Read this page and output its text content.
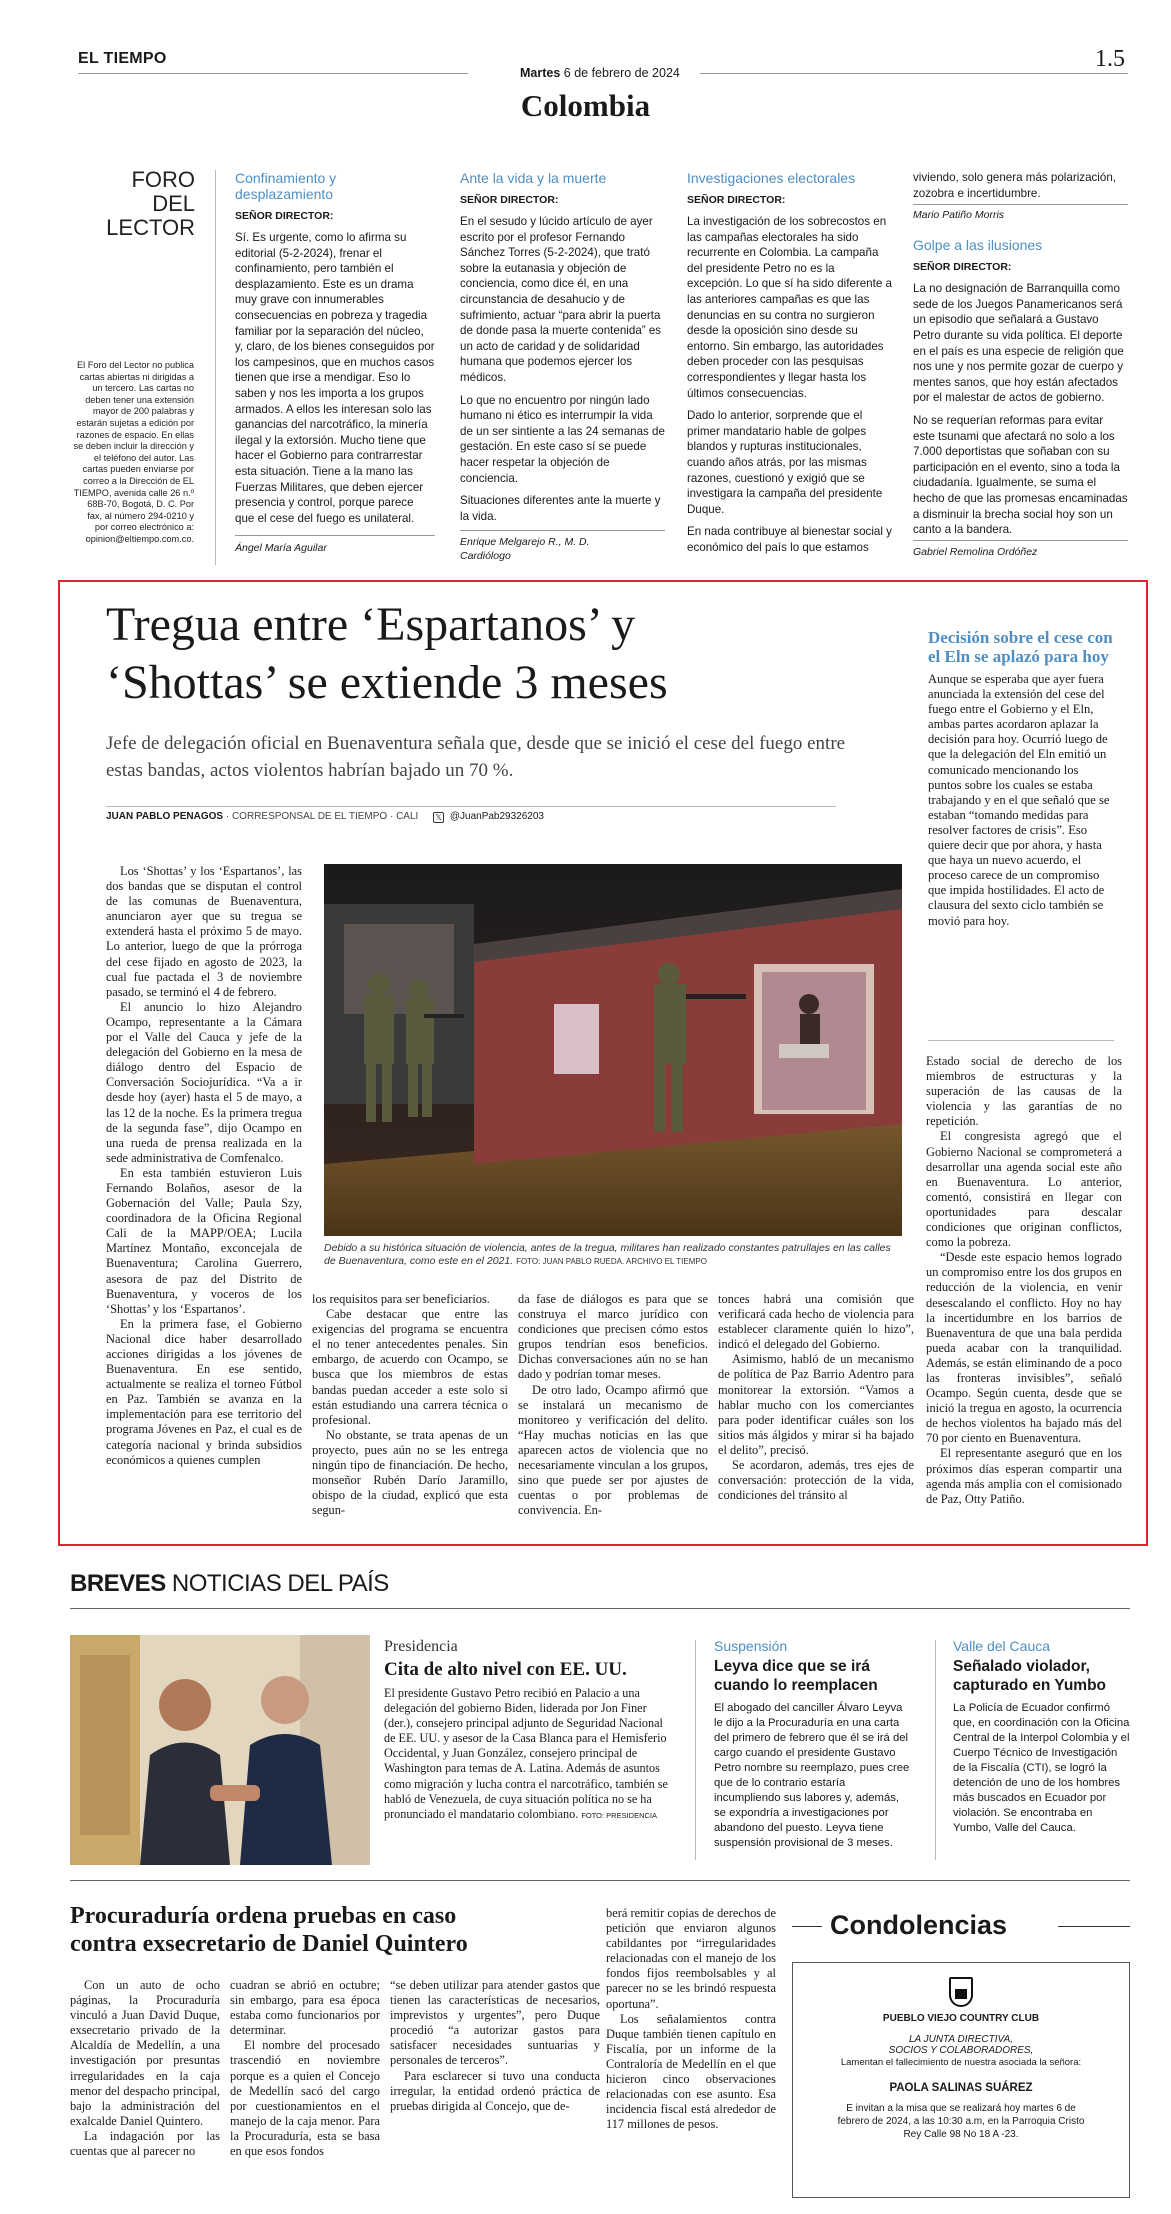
EL TIEMPO
Martes 6 de febrero de 2024
1.5
Colombia
FORO DEL
LECTOR
El Foro del Lector no publica cartas abiertas ni dirigidas a un tercero. Las cartas no deben tener una extensión mayor de 200 palabras y estarán sujetas a edición por razones de espacio. En ellas se deben incluir la dirección y el teléfono del autor. Las cartas pueden enviarse por correo a la Dirección de EL TIEMPO, avenida calle 26 n.º 68B-70, Bogotá, D. C. Por fax, al número 294-0210 y por correo electrónico a: opinion@eltiempo.com.co.
Confinamiento y desplazamiento
SEÑOR DIRECTOR:

Sí. Es urgente, como lo afirma su editorial (5-2-2024), frenar el confinamiento, pero también el desplazamiento. Este es un drama muy grave con innumerables consecuencias en pobreza y tragedia familiar por la separación del núcleo, y, claro, de los bienes conseguidos por los campesinos, que en muchos casos tienen que irse a mendigar. Eso lo saben y nos les importa a los grupos armados. A ellos les interesan solo las ganancias del narcotráfico, la minería ilegal y la extorsión. Mucho tiene que hacer el Gobierno para contrarrestar esta situación. Tiene a la mano las Fuerzas Militares, que deben ejercer presencia y control, porque parece que el cese del fuego es unilateral.

Ángel María Aguilar
Ante la vida y la muerte
SEÑOR DIRECTOR:

En el sesudo y lúcido artículo de ayer escrito por el profesor Fernando Sánchez Torres (5-2-2024), que trató sobre la eutanasia y objeción de conciencia, como dice él, en una circunstancia de desahucio y de sufrimiento, actuar “para abrir la puerta de donde pasa la muerte contenida” es un acto de caridad y de solidaridad humana que podemos ejercer los médicos.

Lo que no encuentro por ningún lado humano ni ético es interrumpir la vida de un ser sintiente a las 24 semanas de gestación. En este caso sí se puede hacer respetar la objeción de conciencia.

Situaciones diferentes ante la muerte y la vida.

Enrique Melgarejo R., M. D.
Cardiólogo
Investigaciones electorales
SEÑOR DIRECTOR:

La investigación de los sobrecostos en las campañas electorales ha sido recurrente en Colombia. La campaña del presidente Petro no es la excepción. Lo que sí ha sido diferente a las anteriores campañas es que las denuncias en su contra no surgieron desde la oposición sino desde su entorno. Sin embargo, las autoridades deben proceder con las pesquisas correspondientes y llegar hasta los últimos consecuencias.

Dado lo anterior, sorprende que el primer mandatario hable de golpes blandos y rupturas institucionales, cuando años atrás, por las mismas razones, cuestionó y exigió que se investigara la campaña del presidente Duque.

En nada contribuye al bienestar social y económico del país lo que estamos

viviendo, solo genera más polarización, zozobra e incertidumbre.
Mario Patiño Morris
Golpe a las ilusiones
SEÑOR DIRECTOR:

La no designación de Barranquilla como sede de los Juegos Panamericanos será un episodio que señalará a Gustavo Petro durante su vida política. El deporte en el país es una especie de religión que nos une y nos permite gozar de cuerpo y mentes sanos, que hoy están afectados por el malestar de actos de gobierno.

No se requerían reformas para evitar este tsunami que afectará no solo a los 7.000 deportistas que soñaban con su participación en el evento, sino a toda la ciudadanía. Igualmente, se suma el hecho de que las promesas encaminadas a disminuir la brecha social hoy son un canto a la bandera.

Gabriel Remolina Ordóñez
Tregua entre ‘Espartanos’ y
‘Shottas’ se extiende 3 meses
Jefe de delegación oficial en Buenaventura señala que, desde que se inició el cese del fuego entre estas bandas, actos violentos habrían bajado un 70 %.
JUAN PABLO PENAGOS · CORRESPONSAL DE EL TIEMPO · CALI 𝕏 @JuanPab29326203
Debido a su histórica situación de violencia, antes de la tregua, militares han realizado constantes patrullajes en las calles de Buenaventura, como este en el 2021. FOTO: JUAN PABLO RUEDA. ARCHIVO EL TIEMPO

Los ‘Shottas’ y los ‘Espartanos’, las dos bandas que se disputan el control de las comunas de Buenaventura, anunciaron ayer que su tregua se extenderá hasta el próximo 5 de mayo. Lo anterior, luego de que la prórroga del cese fijado en agosto de 2023, la cual fue pactada el 3 de noviembre pasado, se terminó el 4 de febrero.

El anuncio lo hizo Alejandro Ocampo, representante a la Cámara por el Valle del Cauca y jefe de la delegación del Gobierno en la mesa de diálogo dentro del Espacio de Conversación Sociojurídica. “Va a ir desde hoy (ayer) hasta el 5 de mayo, a las 12 de la noche. Es la primera tregua de la segunda fase”, dijo Ocampo en una rueda de prensa realizada en la sede administrativa de Comfenalco.

En esta también estuvieron Luis Fernando Bolaños, asesor de la Gobernación del Valle; Paula Szy, coordinadora de la Oficina Regional Cali de la MAPP/OEA; Lucila Martínez Montaño, exconcejala de Buenaventura; Carolina Guerrero, asesora de paz del Distrito de Buenaventura, y voceros de los ‘Shottas’ y los ‘Espartanos’.

En la primera fase, el Gobierno Nacional dice haber desarrollado acciones dirigidas a los jóvenes de Buenaventura. En ese sentido, actualmente se realiza el torneo Fútbol en Paz. También se avanza en la implementación para ese territorio del programa Jóvenes en Paz, el cual es de categoría nacional y brinda subsidios económicos a quienes cumplen

los requisitos para ser beneficiarios.

Cabe destacar que entre las exigencias del programa se encuentra el no tener antecedentes penales. Sin embargo, de acuerdo con Ocampo, se busca que los miembros de estas bandas puedan acceder a este solo si están estudiando una carrera técnica o profesional.

No obstante, se trata apenas de un proyecto, pues aún no se les entrega ningún tipo de financiación. De hecho, monseñor Rubén Darío Jaramillo, obispo de la ciudad, explicó que esta segun-

da fase de diálogos es para que se construya el marco jurídico con condiciones que precisen cómo estos grupos tendrían esos beneficios. Dichas conversaciones aún no se han dado y podrían tomar meses.

De otro lado, Ocampo afirmó que se instalará un mecanismo de monitoreo y verificación del delito. “Hay muchas noticias en las que aparecen actos de violencia que no necesariamente vinculan a los grupos, sino que puede ser por ajustes de cuentas o por problemas de convivencia. En-

tonces habrá una comisión que verificará cada hecho de violencia para establecer claramente quién lo hizo”, indicó el delegado del Gobierno.

Asimismo, habló de un mecanismo de política de Paz Barrio Adentro para monitorear la extorsión. “Vamos a hablar mucho con los comerciantes para poder identificar cuáles son los sitios más álgidos y mirar si ha bajado el delito”, precisó.

Se acordaron, además, tres ejes de conversación: protección de la vida, condiciones del tránsito al

Decisión sobre el cese con el Eln se aplazó para hoy
Aunque se esperaba que ayer fuera anunciada la extensión del cese del fuego entre el Gobierno y el Eln, ambas partes acordaron aplazar la decisión para hoy. Ocurrió luego de que la delegación del Eln emitió un comunicado mencionando los puntos sobre los cuales se estaba trabajando y en el que señaló que se estaban “tomando medidas para resolver factores de crisis”. Eso quiere decir que por ahora, y hasta que haya un nuevo acuerdo, el proceso carece de un compromiso que impida hostilidades. El acto de clausura del sexto ciclo también se movió para hoy.

Estado social de derecho de los miembros de estructuras y la superación de las causas de la violencia y las garantías de no repetición.

El congresista agregó que el Gobierno Nacional se comprometerá a desarrollar una agenda social este año en Buenaventura. Lo anterior, comentó, consistirá en llegar con oportunidades para descalar condiciones que originan conflictos, como la pobreza.

“Desde este espacio hemos logrado un compromiso entre los dos grupos en reducción de la violencia, en venir desescalando el conflicto. Hoy no hay la incertidumbre en los barrios de Buenaventura de que una bala perdida pueda acabar con la tranquilidad. Además, se están eliminando de a poco las fronteras invisibles”, señaló Ocampo. Según cuenta, desde que se inició la tregua en agosto, la ocurrencia de hechos violentos ha bajado más del 70 por ciento en Buenaventura.

El representante aseguró que en los próximos días esperan compartir una agenda más amplia con el comisionado de Paz, Otty Patiño.

BREVES NOTICIAS DEL PAÍS
Presidencia
Cita de alto nivel con EE. UU.
El presidente Gustavo Petro recibió en Palacio a una delegación del gobierno Biden, liderada por Jon Finer (der.), consejero principal adjunto de Seguridad Nacional de EE. UU. y asesor de la Casa Blanca para el Hemisferio Occidental, y Juan González, consejero principal de Washington para temas de A. Latina. Además de asuntos como migración y lucha contra el narcotráfico, también se habló de Venezuela, de cuya situación política no se ha pronunciado el mandatario colombiano. FOTO: PRESIDENCIA
Suspensión
Leyva dice que se irá cuando lo reemplacen
El abogado del canciller Álvaro Leyva le dijo a la Procuraduría en una carta del primero de febrero que él se irá del cargo cuando el presidente Gustavo Petro nombre su reemplazo, pues cree que de lo contrario estaría incumpliendo sus labores y, además, se expondría a investigaciones por abandono del puesto. Leyva tiene suspensión provisional de 3 meses.
Valle del Cauca
Señalado violador, capturado en Yumbo
La Policía de Ecuador confirmó que, en coordinación con la Oficina Central de la Interpol Colombia y el Cuerpo Técnico de Investigación de la Fiscalía (CTI), se logró la detención de uno de los hombres más buscados en Ecuador por violación. Se encontraba en Yumbo, Valle del Cauca.
Procuraduría ordena pruebas en caso
contra exsecretario de Daniel Quintero

Con un auto de ocho páginas, la Procuraduría vinculó a Juan David Duque, exsecretario privado de la Alcaldía de Medellín, a una investigación por presuntas irregularidades en la caja menor del despacho principal, bajo la administración del exalcalde Daniel Quintero.

La indagación por las cuentas que al parecer no

cuadran se abrió en octubre; sin embargo, para esa época estaba como funcionarios por determinar.

El nombre del procesado trascendió en noviembre porque es a quien el Concejo de Medellín sacó del cargo por cuestionamientos en el manejo de la caja menor. Para la Procuraduría, esta se basa en que esos fondos

“se deben utilizar para atender gastos que tienen las características de necesarios, imprevistos y urgentes”, pero Duque procedió “a autorizar gastos para satisfacer necesidades suntuarias y personales de terceros”.

Para esclarecer si tuvo una conducta irregular, la entidad ordenó práctica de pruebas dirigida al Concejo, que de-

berá remitir copias de derechos de petición que enviaron algunos cabildantes por “irregularidades relacionadas con el manejo de los fondos fijos reembolsables y al parecer no se les brindó respuesta oportuna”.

Los señalamientos contra Duque también tienen capítulo en Fiscalía, por un informe de la Contraloría de Medellín en el que hicieron cinco observaciones relacionadas con ese asunto. Esa incidencia fiscal está alrededor de 117 millones de pesos.

Condolencias
PUEBLO VIEJO COUNTRY CLUB
LA JUNTA DIRECTIVA,
SOCIOS Y COLABORADORES,
Lamentan el fallecimiento de nuestra asociada la señora:
PAOLA SALINAS SUÁREZ
E invitan a la misa que se realizará hoy martes 6 de febrero de 2024, a las 10:30 a.m, en la Parroquia Cristo Rey Calle 98 No 18 A -23.
